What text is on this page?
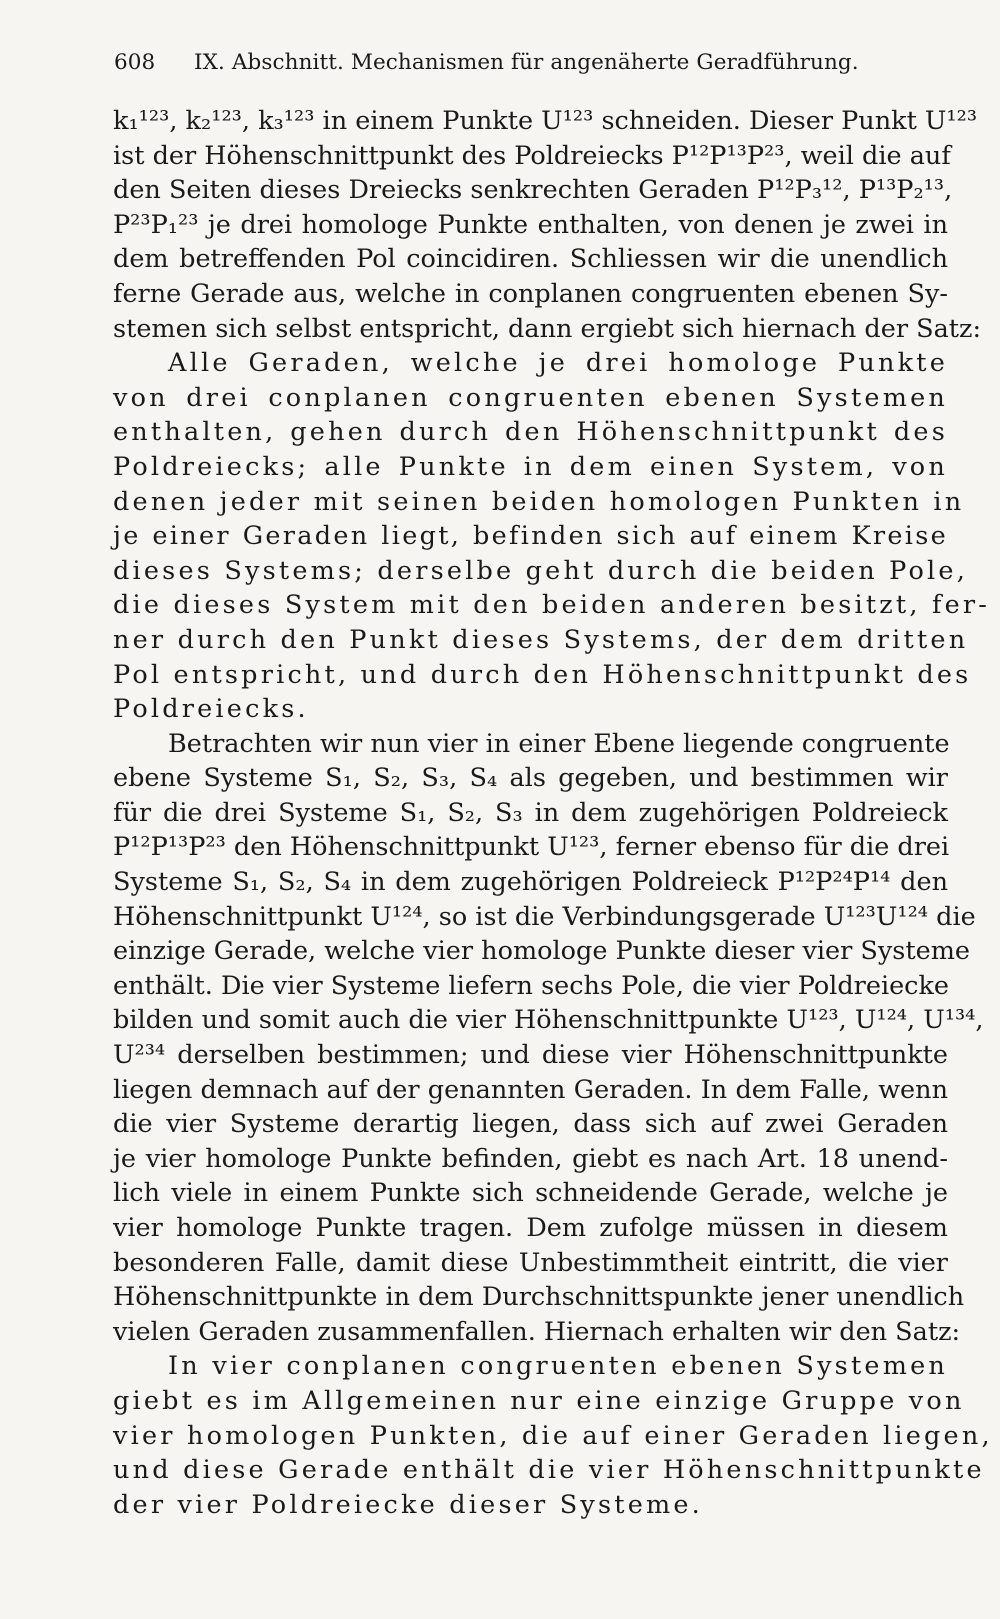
608 IX. Abschnitt. Mechanismen für angenäherte Geradführung.
k₁¹²³, k₂¹²³, k₃¹²³ in einem Punkte U¹²³ schneiden. Dieser Punkt U¹²³
ist der Höhenschnittpunkt des Poldreiecks P¹²P¹³P²³, weil die auf
den Seiten dieses Dreiecks senkrechten Geraden P¹²P₃¹², P¹³P₂¹³,
P²³P₁²³ je drei homologe Punkte enthalten, von denen je zwei in
dem betreffenden Pol coincidiren. Schliessen wir die unendlich
ferne Gerade aus, welche in conplanen congruenten ebenen Sy-
stemen sich selbst entspricht, dann ergiebt sich hiernach der Satz:
Alle Geraden, welche je drei homologe Punkte
von drei conplanen congruenten ebenen Systemen
enthalten, gehen durch den Höhenschnittpunkt des
Poldreiecks; alle Punkte in dem einen System, von
denen jeder mit seinen beiden homologen Punkten in
je einer Geraden liegt, befinden sich auf einem Kreise
dieses Systems; derselbe geht durch die beiden Pole,
die dieses System mit den beiden anderen besitzt, fer-
ner durch den Punkt dieses Systems, der dem dritten
Pol entspricht, und durch den Höhenschnittpunkt des
Poldreiecks.
Betrachten wir nun vier in einer Ebene liegende congruente
ebene Systeme S₁, S₂, S₃, S₄ als gegeben, und bestimmen wir
für die drei Systeme S₁, S₂, S₃ in dem zugehörigen Poldreieck
P¹²P¹³P²³ den Höhenschnittpunkt U¹²³, ferner ebenso für die drei
Systeme S₁, S₂, S₄ in dem zugehörigen Poldreieck P¹²P²⁴P¹⁴ den
Höhenschnittpunkt U¹²⁴, so ist die Verbindungsgerade U¹²³U¹²⁴ die
einzige Gerade, welche vier homologe Punkte dieser vier Systeme
enthält. Die vier Systeme liefern sechs Pole, die vier Poldreiecke
bilden und somit auch die vier Höhenschnittpunkte U¹²³, U¹²⁴, U¹³⁴,
U²³⁴ derselben bestimmen; und diese vier Höhenschnittpunkte
liegen demnach auf der genannten Geraden. In dem Falle, wenn
die vier Systeme derartig liegen, dass sich auf zwei Geraden
je vier homologe Punkte befinden, giebt es nach Art. 18 unend-
lich viele in einem Punkte sich schneidende Gerade, welche je
vier homologe Punkte tragen. Dem zufolge müssen in diesem
besonderen Falle, damit diese Unbestimmtheit eintritt, die vier
Höhenschnittpunkte in dem Durchschnittspunkte jener unendlich
vielen Geraden zusammenfallen. Hiernach erhalten wir den Satz:
In vier conplanen congruenten ebenen Systemen
giebt es im Allgemeinen nur eine einzige Gruppe von
vier homologen Punkten, die auf einer Geraden liegen,
und diese Gerade enthält die vier Höhenschnittpunkte
der vier Poldreiecke dieser Systeme.
